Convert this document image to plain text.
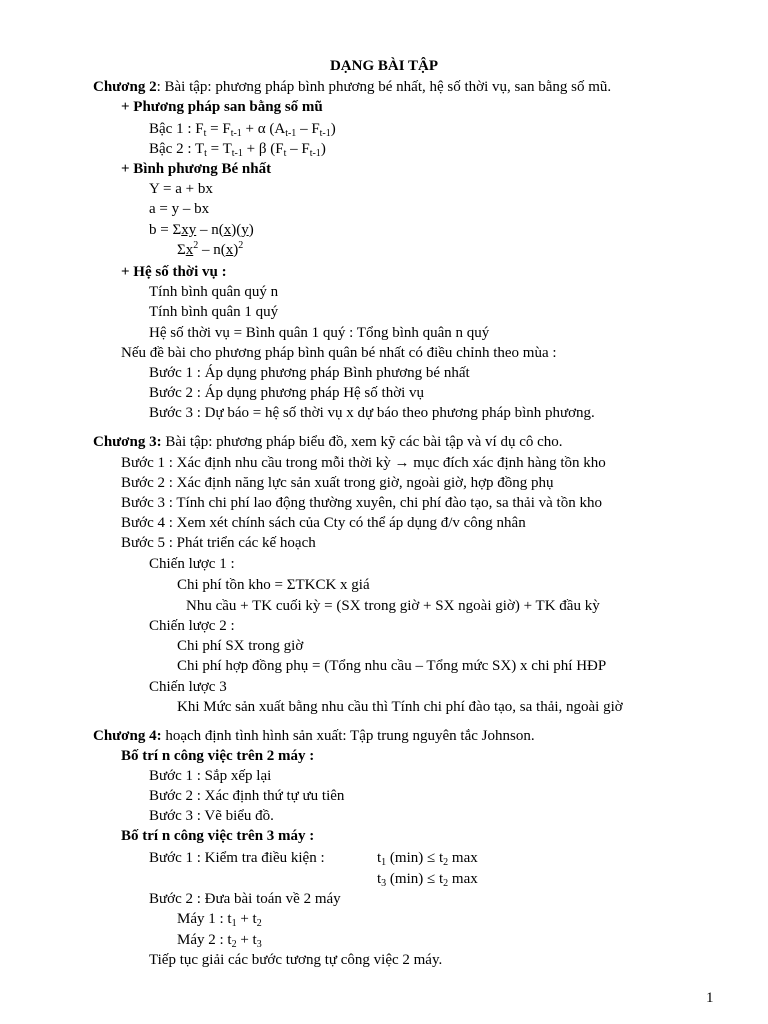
DẠNG BÀI TẬP
Chương 2: Bài tập: phương pháp bình phương bé nhất, hệ số thời vụ, san bằng số mũ.
+ Phương pháp san bằng số mũ
Bậc 1 : $F_t = F_{t-1} + \alpha$ $(A_{t-1} - F_{t-1})$
Bậc 2 : $T_t = T_{t-1} + \beta$ $(F_t - F_{t-1})$
+ Bình phương Bé nhất
Y = a + bx
a = y – bx
b = Σxy – n(x)(y)
$\Sigma x^2 - n(x)^2$
+ Hệ số thời vụ :
Tính bình quân quý n
Tính bình quân 1 quý
Hệ số thời vụ = Bình quân 1 quý : Tổng bình quân n quý
Nếu đề bài cho phương pháp bình quân bé nhất có điều chỉnh theo mùa :
Bước 1 : Áp dụng phương pháp Bình phương bé nhất
Bước 2 : Áp dụng phương pháp Hệ số thời vụ
Bước 3 : Dự báo = hệ số thời vụ x dự báo theo phương pháp bình phương.
Chương 3: Bài tập: phương pháp biểu đồ, xem kỹ các bài tập và ví dụ cô cho.
Bước 1 : Xác định nhu cầu trong mỗi thời kỳ → mục đích xác định hàng tồn kho
Bước 2 : Xác định năng lực sản xuất trong giờ, ngoài giờ, hợp đồng phụ
Bước 3 : Tính chi phí lao động thường xuyên, chi phí đào tạo, sa thải và tồn kho
Bước 4 : Xem xét chính sách của Cty có thể áp dụng đ/v công nhân
Bước 5 : Phát triển các kế hoạch
Chiến lược 1 :
Chi phí tồn kho = ΣTKCK x giá
Nhu cầu + TK cuối kỳ = (SX trong giờ + SX ngoài giờ) + TK đầu kỳ
Chiến lược 2 :
Chi phí SX trong giờ
Chi phí hợp đồng phụ = (Tổng nhu cầu – Tổng mức SX) x chi phí HĐP
Chiến lược 3
Khi Mức sản xuất bằng nhu cầu thì Tính chi phí đào tạo, sa thải, ngoài giờ
Chương 4: hoạch định tình hình sản xuất: Tập trung nguyên tắc Johnson.
Bố trí n công việc trên 2 máy :
Bước 1 : Sắp xếp lại
Bước 2 : Xác định thứ tự ưu tiên
Bước 3 : Vẽ biểu đồ.
Bố trí n công việc trên 3 máy :
Bước 1 : Kiểm tra điều kiện :	$t_1$ $(\min) \le t_2$ max
$t_3$ $(\min) \le t_2$ max
Bước 2 : Đưa bài toán về 2 máy
Máy 1 : $t_1 + t_2$
Máy 2 : $t_2 + t_3$
Tiếp tục giải các bước tương tự công việc 2 máy.
1
